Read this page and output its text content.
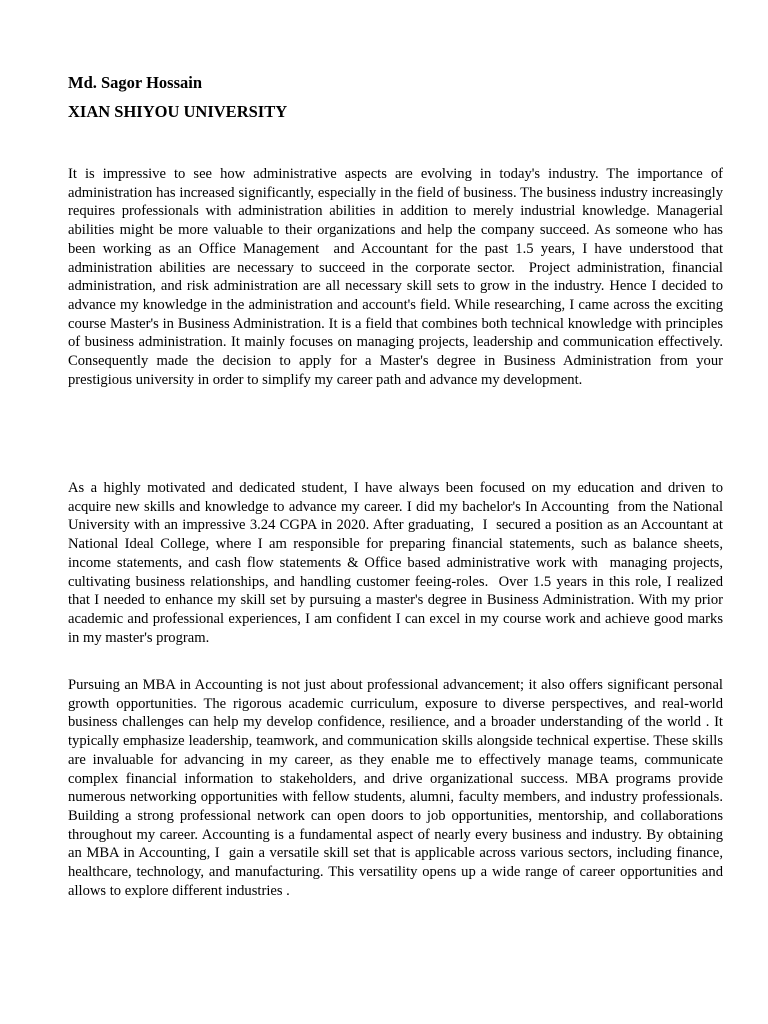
Md. Sagor Hossain

XIAN SHIYOU UNIVERSITY

It is impressive to see how administrative aspects are evolving in today's industry. The importance of administration has increased significantly, especially in the field of business. The business industry increasingly requires professionals with administration abilities in addition to merely industrial knowledge. Managerial abilities might be more valuable to their organizations and help the company succeed. As someone who has been working as an Office Management  and Accountant for the past 1.5 years, I have understood that administration abilities are necessary to succeed in the corporate sector.  Project administration, financial administration, and risk administration are all necessary skill sets to grow in the industry. Hence I decided to advance my knowledge in the administration and account's field. While researching, I came across the exciting course Master's in Business Administration. It is a field that combines both technical knowledge with principles of business administration. It mainly focuses on managing projects, leadership and communication effectively. Consequently made the decision to apply for a Master's degree in Business Administration from your prestigious university in order to simplify my career path and advance my development.

As a highly motivated and dedicated student, I have always been focused on my education and driven to acquire new skills and knowledge to advance my career. I did my bachelor's In Accounting  from the National University with an impressive 3.24 CGPA in 2020. After graduating,  I  secured a position as an Accountant at National Ideal College, where I am responsible for preparing financial statements, such as balance sheets, income statements, and cash flow statements & Office based administrative work with  managing projects, cultivating business relationships, and handling customer feeing-roles.  Over 1.5 years in this role, I realized that I needed to enhance my skill set by pursuing a master's degree in Business Administration. With my prior academic and professional experiences, I am confident I can excel in my course work and achieve good marks in my master's program.

Pursuing an MBA in Accounting is not just about professional advancement; it also offers significant personal growth opportunities. The rigorous academic curriculum, exposure to diverse perspectives, and real-world business challenges can help my develop confidence, resilience, and a broader understanding of the world . It typically emphasize leadership, teamwork, and communication skills alongside technical expertise. These skills are invaluable for advancing in my career, as they enable me to effectively manage teams, communicate complex financial information to stakeholders, and drive organizational success. MBA programs provide numerous networking opportunities with fellow students, alumni, faculty members, and industry professionals. Building a strong professional network can open doors to job opportunities, mentorship, and collaborations throughout my career. Accounting is a fundamental aspect of nearly every business and industry. By obtaining an MBA in Accounting, I  gain a versatile skill set that is applicable across various sectors, including finance, healthcare, technology, and manufacturing. This versatility opens up a wide range of career opportunities and allows to explore different industries .
